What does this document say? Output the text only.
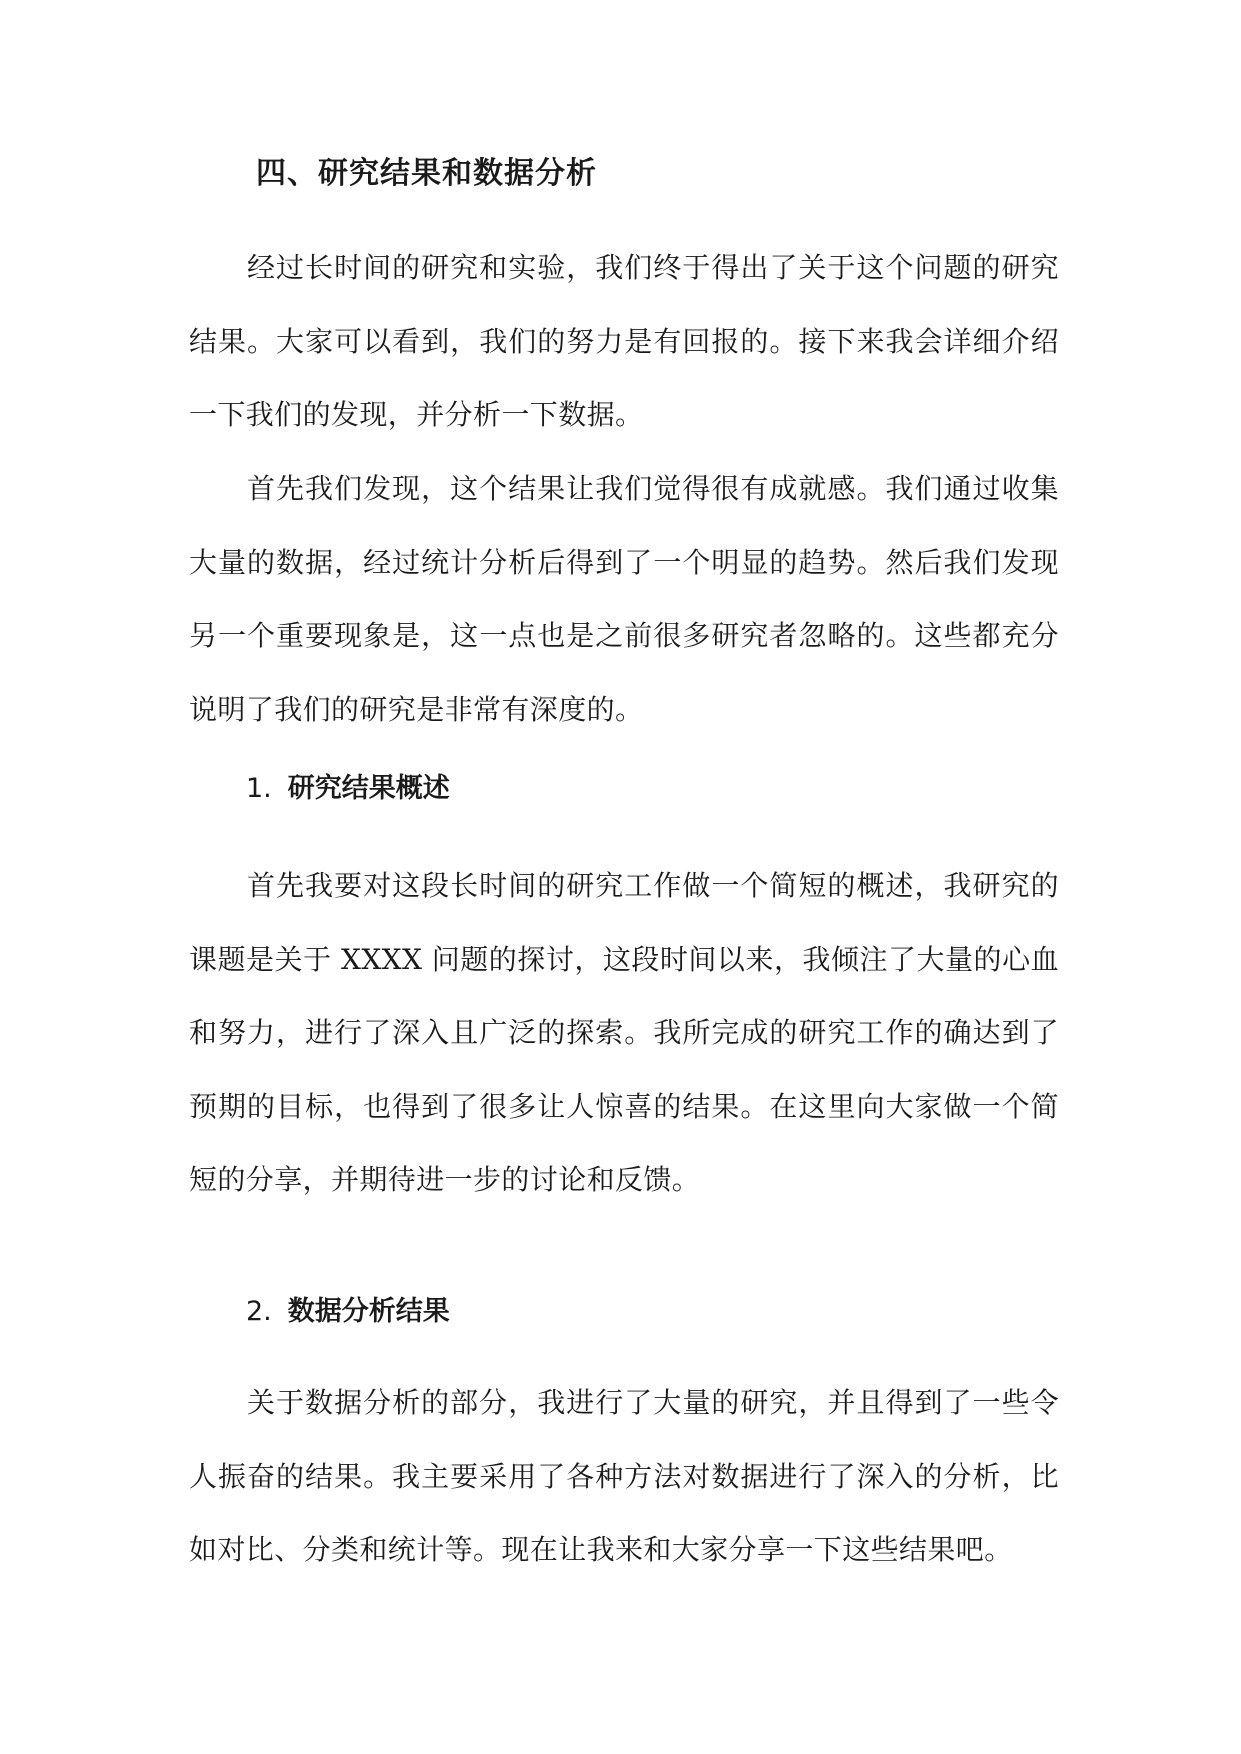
四、研究结果和数据分析

经过长时间的研究和实验，我们终于得出了关于这个问题的研究结果。大家可以看到，我们的努力是有回报的。接下来我会详细介绍一下我们的发现，并分析一下数据。

首先我们发现，这个结果让我们觉得很有成就感。我们通过收集大量的数据，经过统计分析后得到了一个明显的趋势。然后我们发现另一个重要现象是，这一点也是之前很多研究者忽略的。这些都充分说明了我们的研究是非常有深度的。

1. 研究结果概述

首先我要对这段长时间的研究工作做一个简短的概述，我研究的课题是关于 XXXX 问题的探讨，这段时间以来，我倾注了大量的心血和努力，进行了深入且广泛的探索。我所完成的研究工作的确达到了预期的目标，也得到了很多让人惊喜的结果。在这里向大家做一个简短的分享，并期待进一步的讨论和反馈。

2. 数据分析结果

关于数据分析的部分，我进行了大量的研究，并且得到了一些令人振奋的结果。我主要采用了各种方法对数据进行了深入的分析，比如对比、分类和统计等。现在让我来和大家分享一下这些结果吧。
